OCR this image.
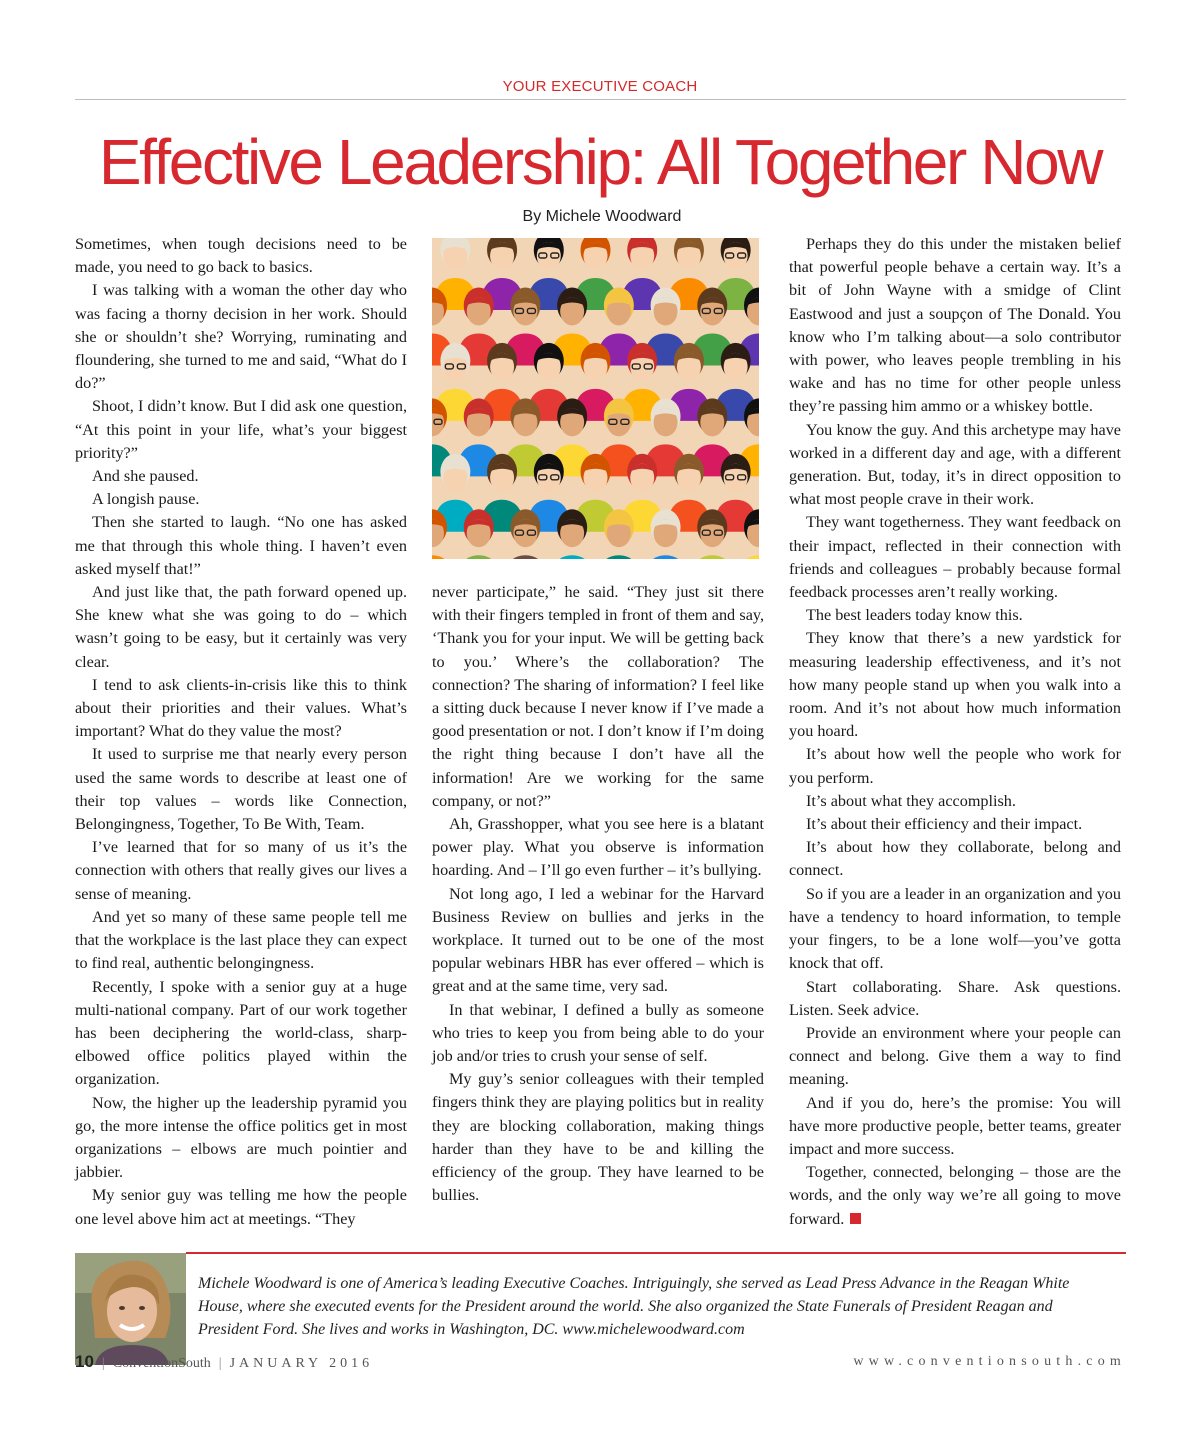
YOUR EXECUTIVE COACH
Effective Leadership: All Together Now
By Michele Woodward

Sometimes, when tough decisions need to be made, you need to go back to basics.

I was talking with a woman the other day who was facing a thorny decision in her work. Should she or shouldn’t she? Worrying, ruminating and floundering, she turned to me and said, “What do I do?”

Shoot, I didn’t know. But I did ask one question, “At this point in your life, what’s your biggest priority?”

And she paused.

A longish pause.

Then she started to laugh. “No one has asked me that through this whole thing. I haven’t even asked myself that!”

And just like that, the path forward opened up. She knew what she was going to do – which wasn’t going to be easy, but it certainly was very clear.

I tend to ask clients-in-crisis like this to think about their priorities and their values. What’s important? What do they value the most?

It used to surprise me that nearly every person used the same words to describe at least one of their top values – words like Connection, Belongingness, Together, To Be With, Team.

I’ve learned that for so many of us it’s the connection with others that really gives our lives a sense of meaning.

And yet so many of these same people tell me that the workplace is the last place they can expect to find real, authentic belongingness.

Recently, I spoke with a senior guy at a huge multi-national company. Part of our work together has been deciphering the world-class, sharp-elbowed office politics played within the organization.

Now, the higher up the leadership pyramid you go, the more intense the office politics get in most organizations – elbows are much pointier and jabbier.

My senior guy was telling me how the people one level above him act at meetings. “They

never participate,” he said. “They just sit there with their fingers templed in front of them and say, ‘Thank you for your input. We will be getting back to you.’ Where’s the collaboration? The connection? The sharing of information? I feel like a sitting duck because I never know if I’ve made a good presentation or not. I don’t know if I’m doing the right thing because I don’t have all the information! Are we working for the same company, or not?”

Ah, Grasshopper, what you see here is a blatant power play. What you observe is information hoarding. And – I’ll go even further – it’s bullying.

Not long ago, I led a webinar for the Harvard Business Review on bullies and jerks in the workplace. It turned out to be one of the most popular webinars HBR has ever offered – which is great and at the same time, very sad.

In that webinar, I defined a bully as someone who tries to keep you from being able to do your job and/or tries to crush your sense of self.

My guy’s senior colleagues with their templed fingers think they are playing politics but in reality they are blocking collaboration, making things harder than they have to be and killing the efficiency of the group. They have learned to be bullies.

Perhaps they do this under the mistaken belief that powerful people behave a certain way. It’s a bit of John Wayne with a smidge of Clint Eastwood and just a soupçon of The Donald. You know who I’m talking about—a solo contributor with power, who leaves people trembling in his wake and has no time for other people unless they’re passing him ammo or a whiskey bottle.

You know the guy. And this archetype may have worked in a different day and age, with a different generation. But, today, it’s in direct opposition to what most people crave in their work.

They want togetherness. They want feedback on their impact, reflected in their connection with friends and colleagues – probably because formal feedback processes aren’t really working.

The best leaders today know this.

They know that there’s a new yardstick for measuring leadership effectiveness, and it’s not how many people stand up when you walk into a room. And it’s not about how much information you hoard.

It’s about how well the people who work for you perform.

It’s about what they accomplish.

It’s about their efficiency and their impact.

It’s about how they collaborate, belong and connect.

So if you are a leader in an organization and you have a tendency to hoard information, to temple your fingers, to be a lone wolf—you’ve gotta knock that off.

Start collaborating. Share. Ask questions. Listen. Seek advice.

Provide an environment where your people can connect and belong. Give them a way to find meaning.

And if you do, here’s the promise: You will have more productive people, better teams, greater impact and more success.

Together, connected, belonging – those are the words, and the only way we’re all going to move forward.

Michele Woodward is one of America’s leading Executive Coaches. Intriguingly, she served as Lead Press Advance in the Reagan White House, where she executed events for the President around the world. She also organized the State Funerals of President Reagan and President Ford. She lives and works in Washington, DC. www.michelewoodward.com

10 | ConventionSouth | JANUARY 2016	www.conventionsouth.com
